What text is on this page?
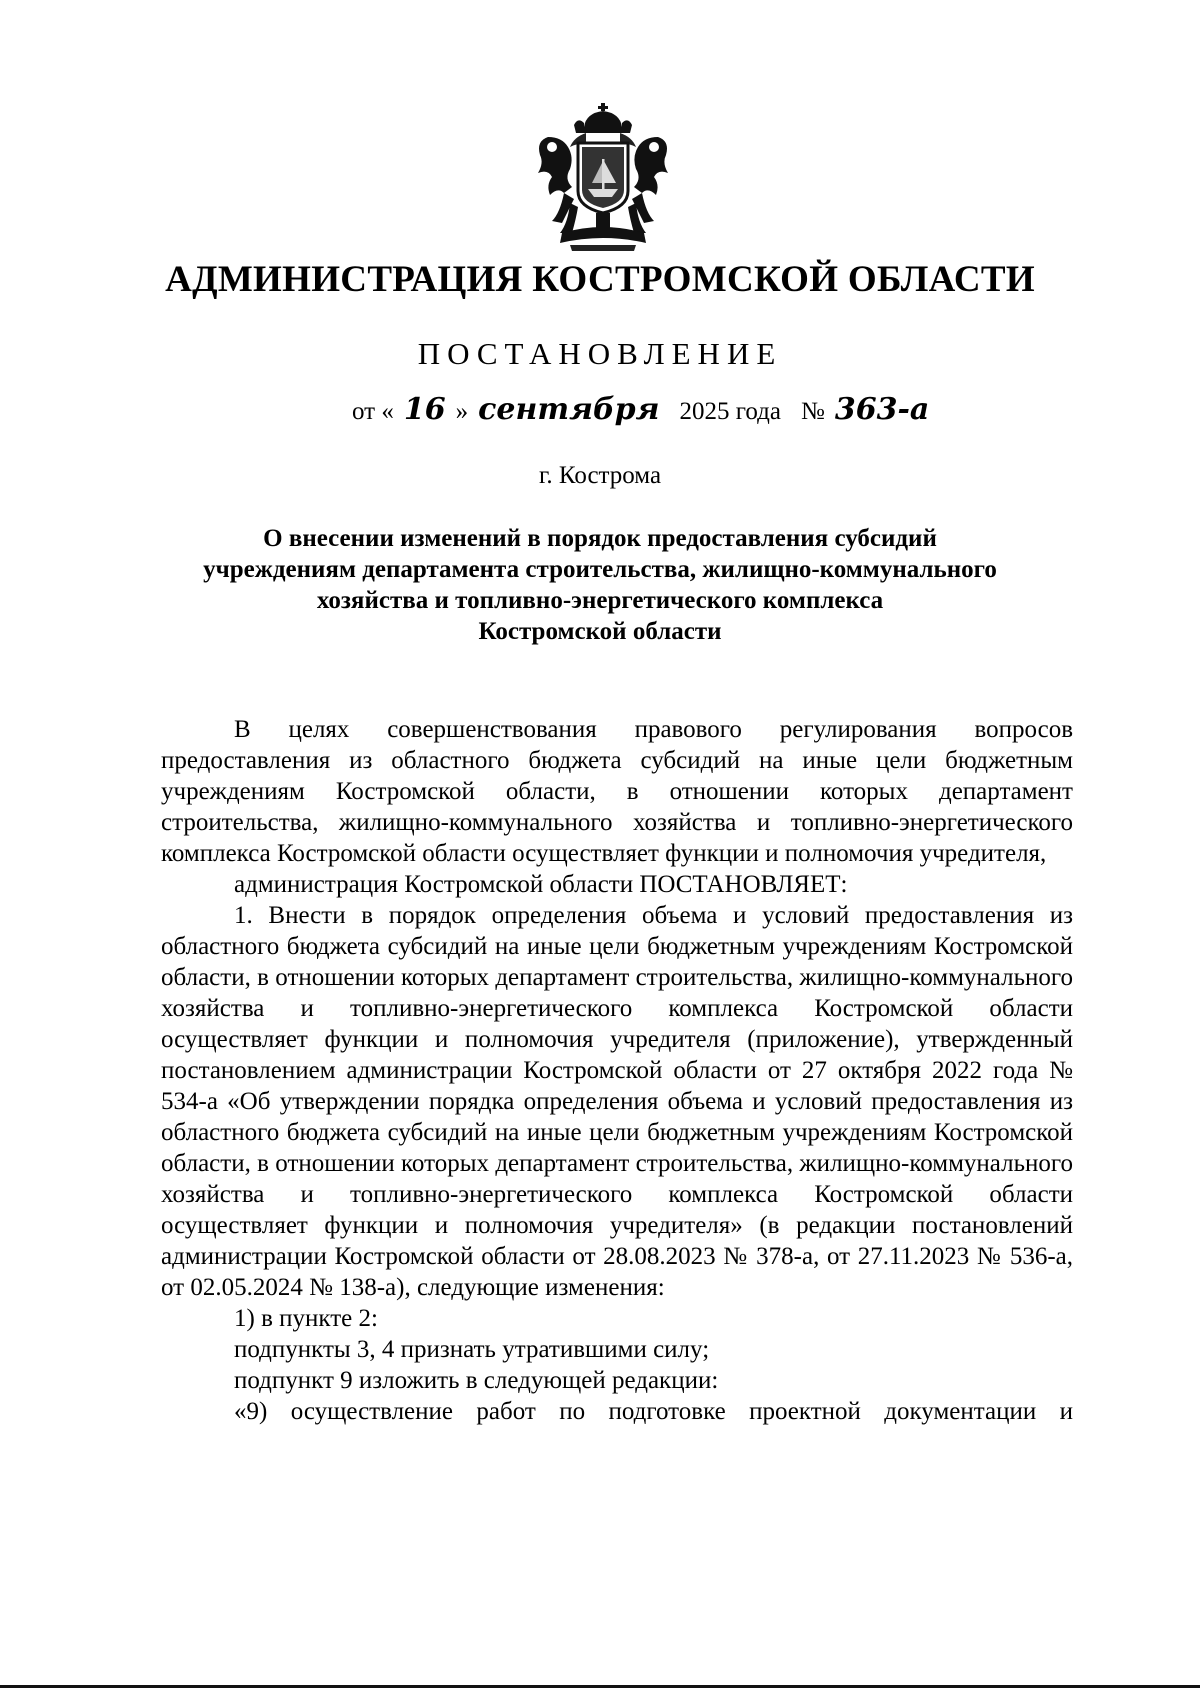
АДМИНИСТРАЦИЯ КОСТРОМСКОЙ ОБЛАСТИ
ПОСТАНОВЛЕНИЕ
от « 16 » сентября 2025 года № 363-а
г. Кострома
О внесении изменений в порядок предоставления субсидий
учреждениям департамента строительства, жилищно-коммунального
хозяйства и топливно-энергетического комплекса
Костромской области

В целях совершенствования правового регулирования вопросов предоставления из областного бюджета субсидий на иные цели бюджетным учреждениям Костромской области, в отношении которых департамент строительства, жилищно-коммунального хозяйства и топливно-энергетического комплекса Костромской области осуществляет функции и полномочия учредителя,

администрация Костромской области ПОСТАНОВЛЯЕТ:

1. Внести в порядок определения объема и условий предоставления из областного бюджета субсидий на иные цели бюджетным учреждениям Костромской области, в отношении которых департамент строительства, жилищно-коммунального хозяйства и топливно-энергетического комплекса Костромской области осуществляет функции и полномочия учредителя (приложение), утвержденный постановлением администрации Костромской области от 27 октября 2022 года № 534-а «Об утверждении порядка определения объема и условий предоставления из областного бюджета субсидий на иные цели бюджетным учреждениям Костромской области, в отношении которых департамент строительства, жилищно-коммунального хозяйства и топливно-энергетического комплекса Костромской области осуществляет функции и полномочия учредителя» (в редакции постановлений администрации Костромской области от 28.08.2023 № 378-а, от 27.11.2023 № 536-а, от 02.05.2024 № 138-а), следующие изменения:

1) в пункте 2:

подпункты 3, 4 признать утратившими силу;

подпункт 9 изложить в следующей редакции:

«9) осуществление работ по подготовке проектной документации и
